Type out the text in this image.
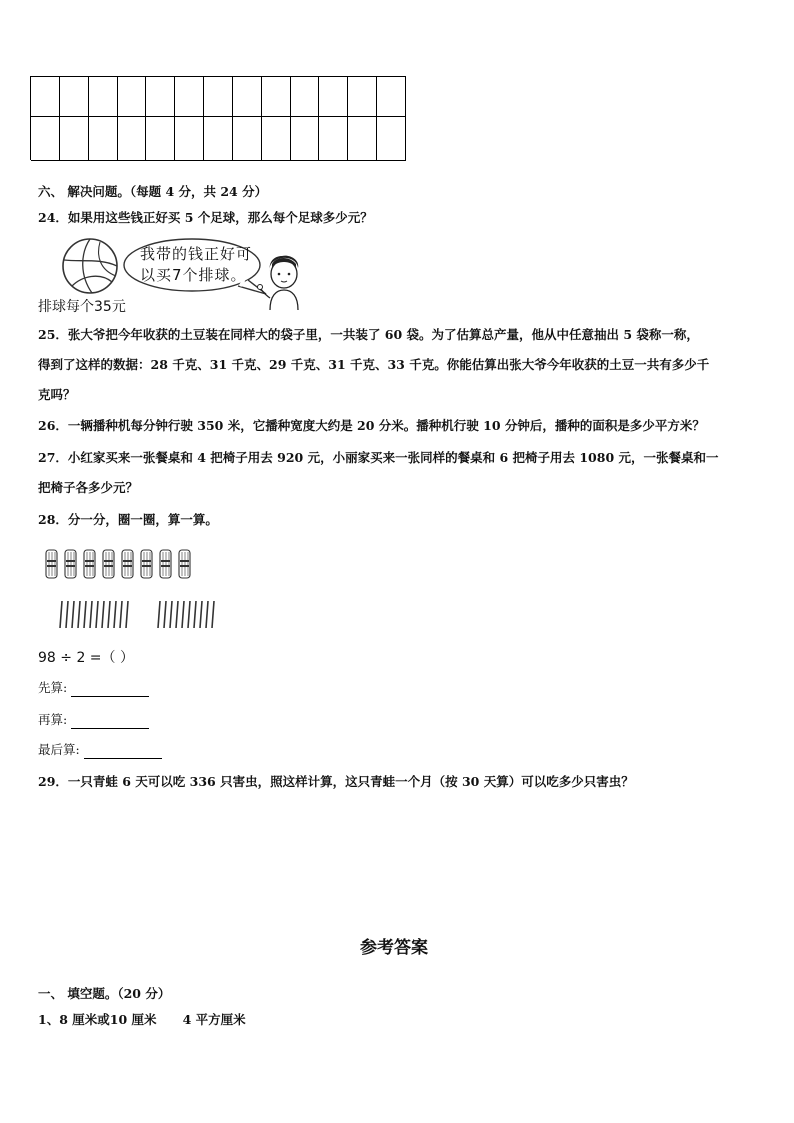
六、 解决问题。（每题 4 分，共 24 分）
24．如果用这些钱正好买 5 个足球，那么每个足球多少元？
排球每个35元
我带的钱正好可
以买7个排球。
25．张大爷把今年收获的土豆装在同样大的袋子里，一共装了 60 袋。为了估算总产量，他从中任意抽出 5 袋称一称，
得到了这样的数据：28 千克、31 千克、29 千克、31 千克、33 千克。你能估算出张大爷今年收获的土豆一共有多少千
克吗？
26．一辆播种机每分钟行驶 350 米，它播种宽度大约是 20 分米。播种机行驶 10 分钟后，播种的面积是多少平方米？
27．小红家买来一张餐桌和 4 把椅子用去 920 元，小丽家买来一张同样的餐桌和 6 把椅子用去 1080 元，一张餐桌和一
把椅子各多少元？
28．分一分，圈一圈，算一算。
98 ÷ 2 =（ ）
先算:
再算:
最后算:
29．一只青蛙 6 天可以吃 336 只害虫，照这样计算，这只青蛙一个月（按 30 天算）可以吃多少只害虫？
参考答案
一、 填空题。（20 分）
1、8 厘米或10 厘米      4 平方厘米
